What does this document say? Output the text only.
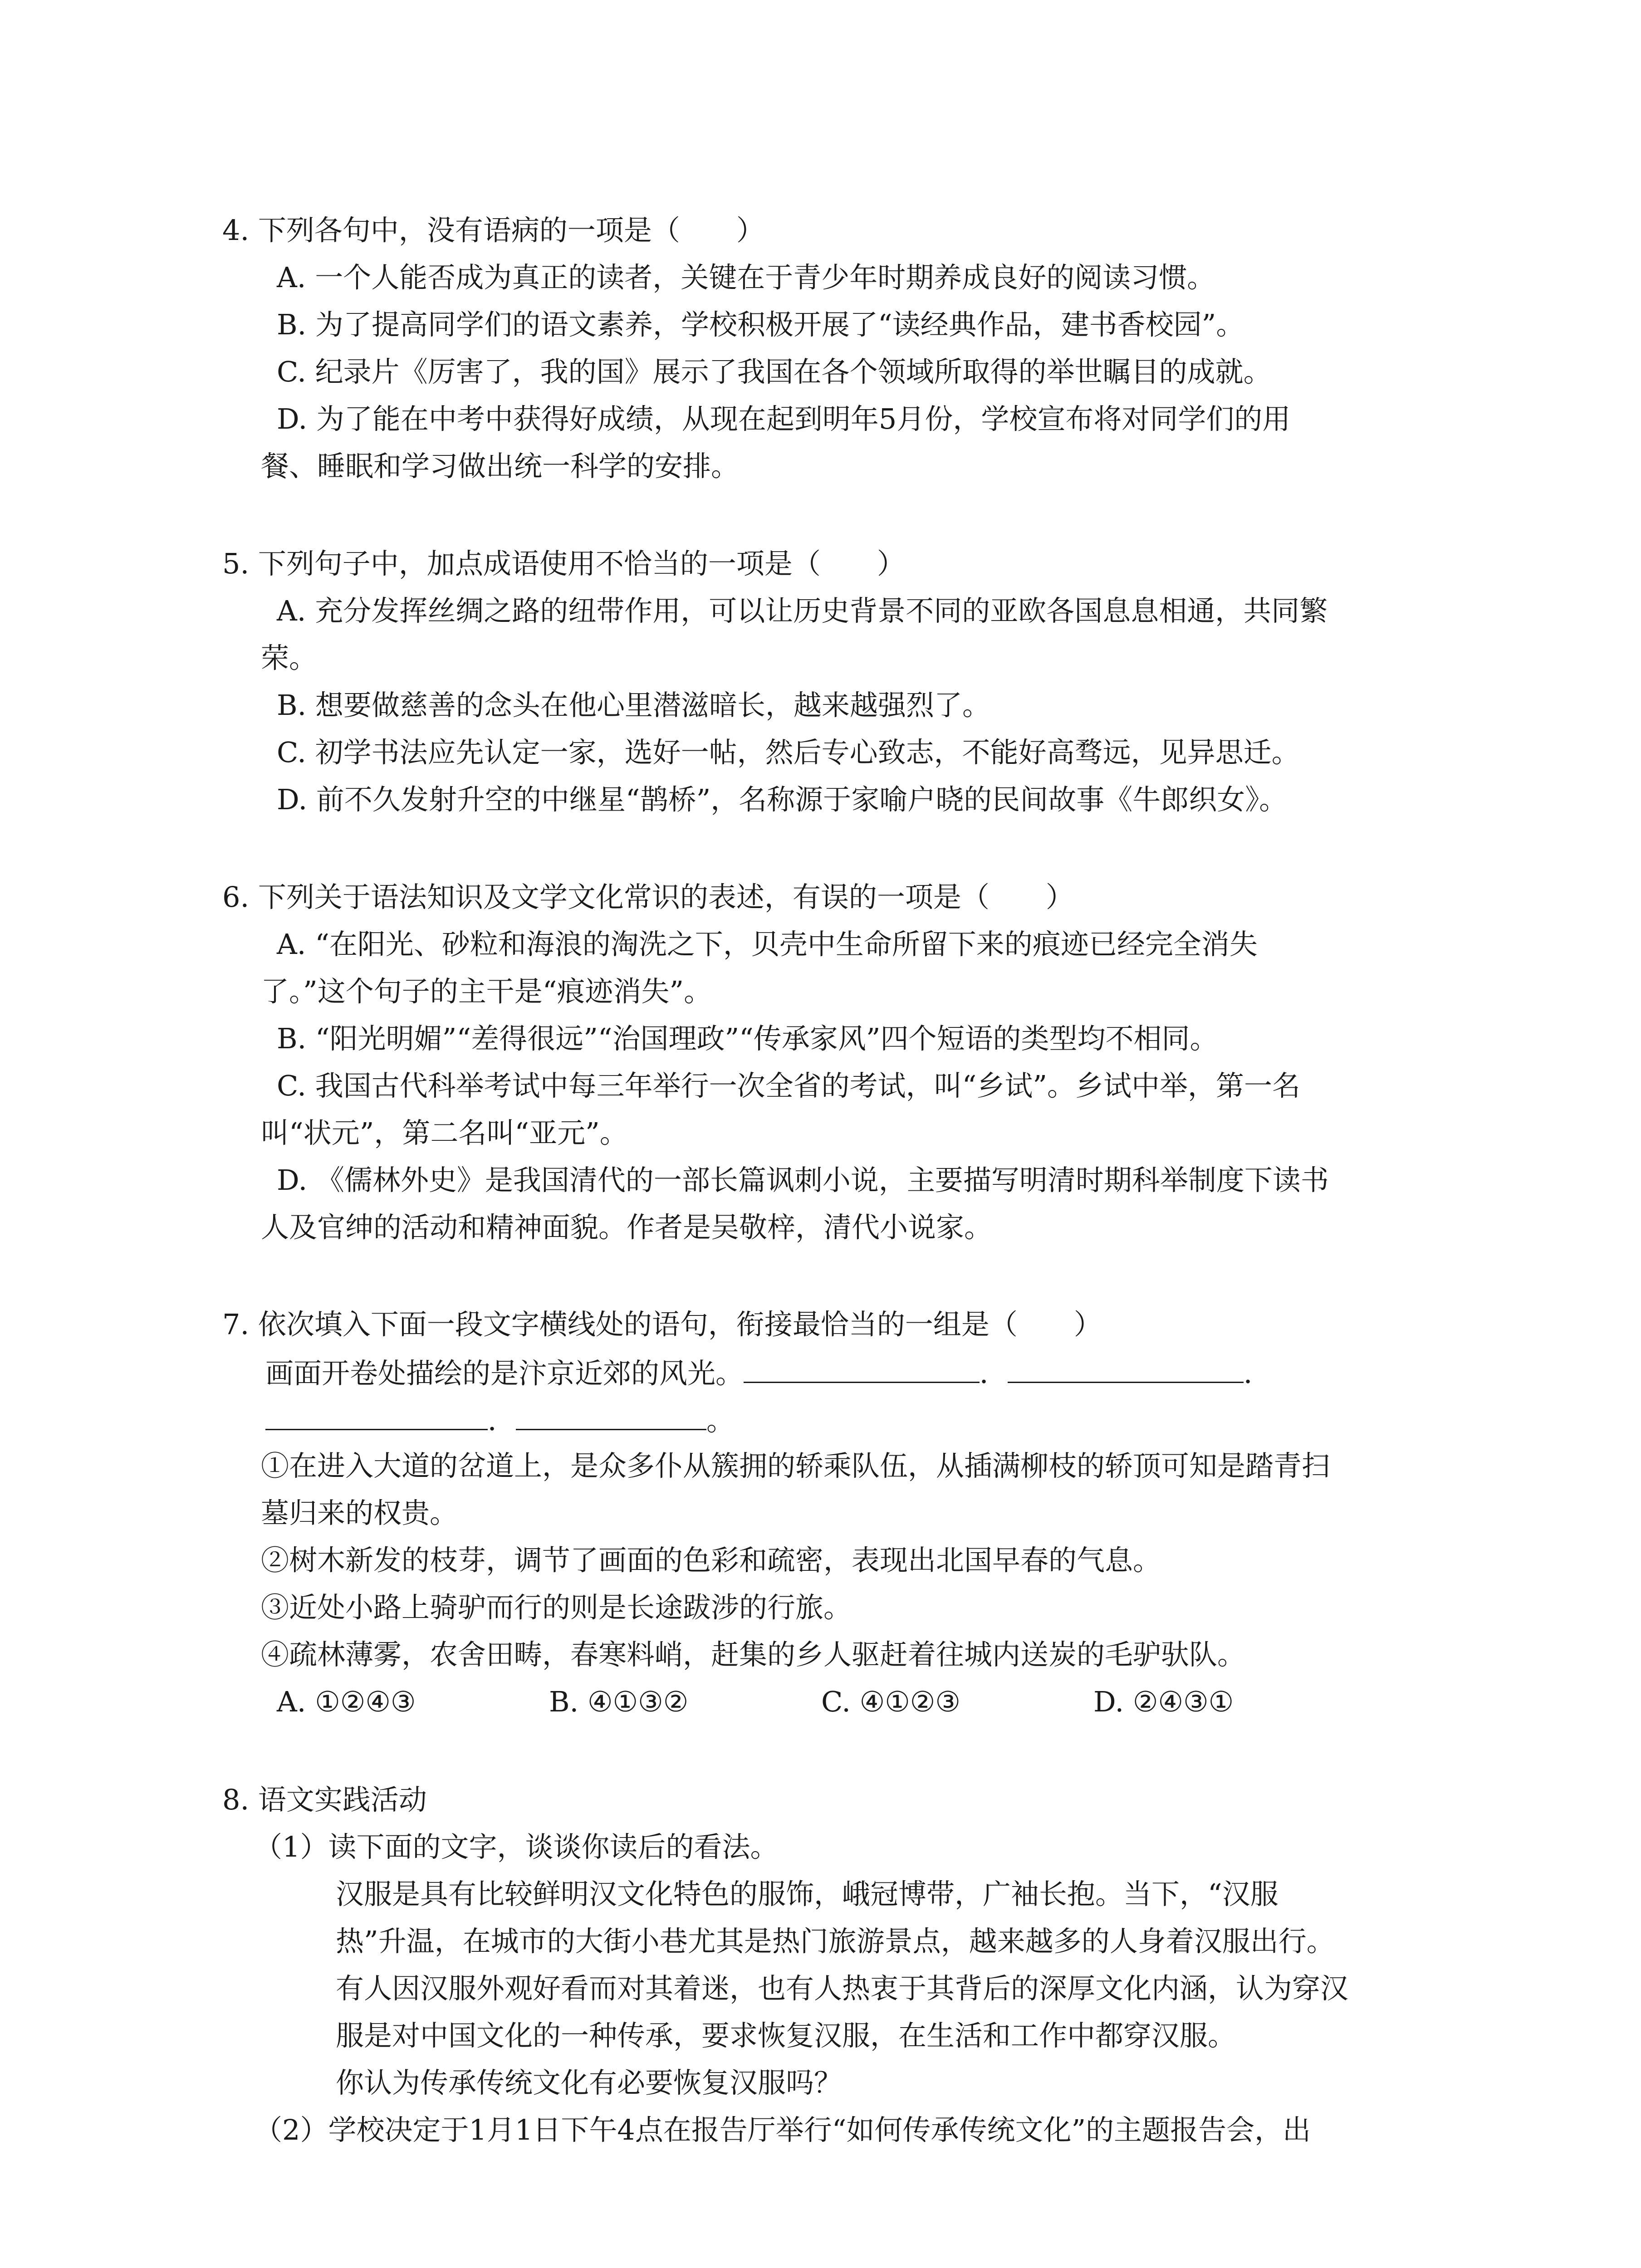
4. 下列各句中，没有语病的一项是（　　）
A. 一个人能否成为真正的读者，关键在于青少年时期养成良好的阅读习惯。
B. 为了提高同学们的语文素养，学校积极开展了“读经典作品，建书香校园”。
C. 纪录片《厉害了，我的国》展示了我国在各个领域所取得的举世瞩目的成就。
D. 为了能在中考中获得好成绩，从现在起到明年5月份，学校宣布将对同学们的用
餐、睡眠和学习做出统一科学的安排。
5. 下列句子中，加点成语使用不恰当的一项是（　　）
A. 充分发挥丝绸之路的纽带作用，可以让历史背景不同的亚欧各国息息相通，共同繁
荣。
B. 想要做慈善的念头在他心里潜滋暗长，越来越强烈了。
C. 初学书法应先认定一家，选好一帖，然后专心致志，不能好高骛远，见异思迁。
D. 前不久发射升空的中继星“鹊桥”，名称源于家喻户晓的民间故事《牛郎织女》。
6. 下列关于语法知识及文学文化常识的表述，有误的一项是（　　）
A. “在阳光、砂粒和海浪的淘洗之下，贝壳中生命所留下来的痕迹已经完全消失
了。”这个句子的主干是“痕迹消失”。
B. “阳光明媚”“差得很远”“治国理政”“传承家风”四个短语的类型均不相同。
C. 我国古代科举考试中每三年举行一次全省的考试，叫“乡试”。乡试中举，第一名
叫“状元”，第二名叫“亚元”。
D. 《儒林外史》是我国清代的一部长篇讽刺小说，主要描写明清时期科举制度下读书
人及官绅的活动和精神面貌。作者是吴敬梓，清代小说家。
7. 依次填入下面一段文字横线处的语句，衔接最恰当的一组是（　　）
画面开卷处描绘的是汴京近郊的风光。	．	．
．	。
①在进入大道的岔道上，是众多仆从簇拥的轿乘队伍，从插满柳枝的轿顶可知是踏青扫
墓归来的权贵。
②树木新发的枝芽，调节了画面的色彩和疏密，表现出北国早春的气息。
③近处小路上骑驴而行的则是长途跋涉的行旅。
④疏林薄雾，农舍田畴，春寒料峭，赶集的乡人驱赶着往城内送炭的毛驴驮队。
A. ①②④③	B. ④①③②	C. ④①②③	D. ②④③①
8. 语文实践活动
（1）读下面的文字，谈谈你读后的看法。
汉服是具有比较鲜明汉文化特色的服饰，峨冠博带，广袖长抱。当下，“汉服
热”升温，在城市的大街小巷尤其是热门旅游景点，越来越多的人身着汉服出行。
有人因汉服外观好看而对其着迷，也有人热衷于其背后的深厚文化内涵，认为穿汉
服是对中国文化的一种传承，要求恢复汉服，在生活和工作中都穿汉服。
你认为传承传统文化有必要恢复汉服吗？
（2）学校决定于1月1日下午4点在报告厅举行“如何传承传统文化”的主题报告会，出
